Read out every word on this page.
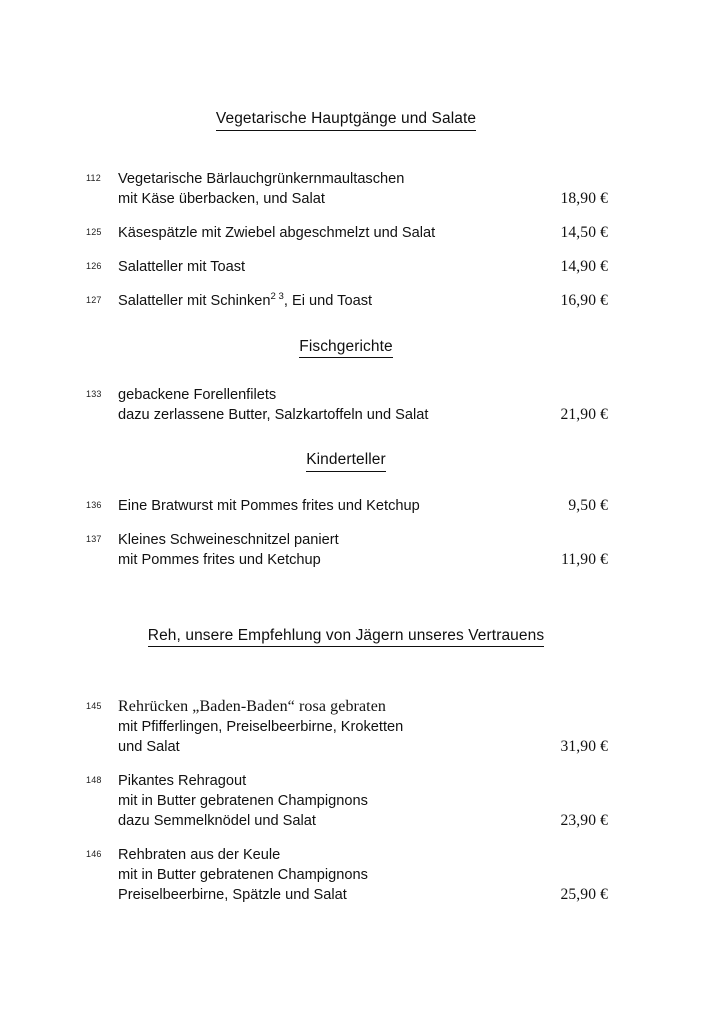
Vegetarische Hauptgänge und Salate
112	Vegetarische Bärlauchgrünkernmaultaschen
mit Käse überbacken, und Salat	18,90 €
125	Käsespätzle mit Zwiebel abgeschmelzt und Salat	14,50 €
126	Salatteller mit Toast	14,90 €
127	Salatteller mit Schinken$^{2 3}$, Ei und Toast	16,90 €
Fischgerichte
133	gebackene Forellenfilets
dazu zerlassene Butter, Salzkartoffeln und Salat	21,90 €
Kinderteller
136	Eine Bratwurst mit Pommes frites und Ketchup	9,50 €
137	Kleines Schweineschnitzel paniert
mit Pommes frites und Ketchup	11,90 €
Reh, unsere Empfehlung von Jägern unseres Vertrauens
145	Rehrücken „Baden-Baden“ rosa gebraten
mit Pfifferlingen, Preiselbeerbirne, Kroketten
und Salat	31,90 €
148	Pikantes Rehragout
mit in Butter gebratenen Champignons
dazu Semmelknödel und Salat	23,90 €
146	Rehbraten aus der Keule
mit in Butter gebratenen Champignons
Preiselbeerbirne, Spätzle und Salat	25,90 €
